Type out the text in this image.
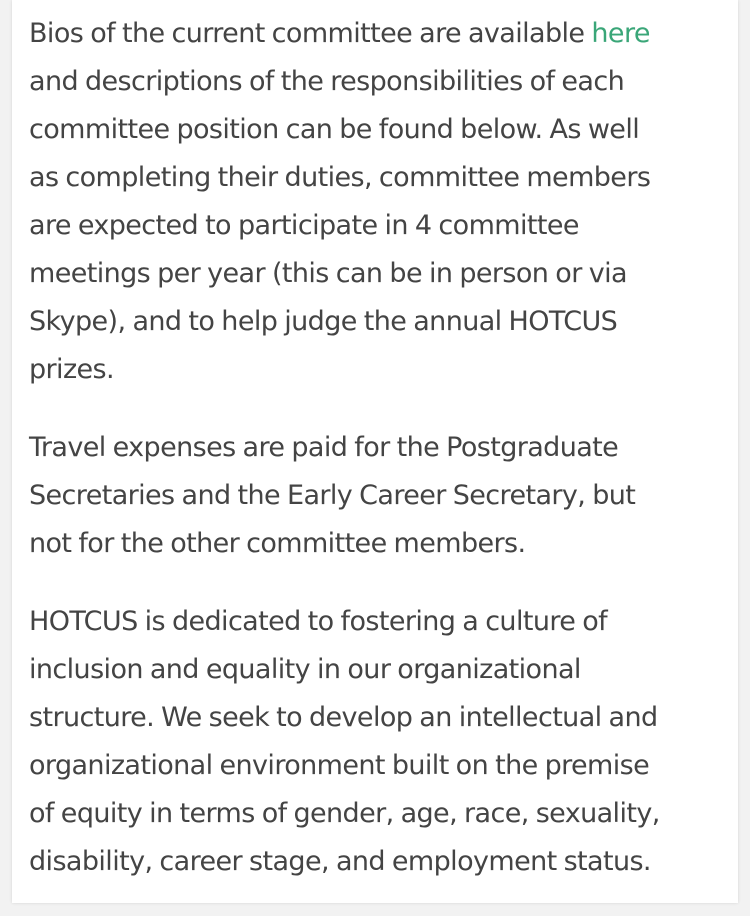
Bios of the current committee are available here
and descriptions of the responsibilities of each
committee position can be found below. As well
as completing their duties, committee members
are expected to participate in 4 committee
meetings per year (this can be in person or via
Skype), and to help judge the annual HOTCUS
prizes.

Travel expenses are paid for the Postgraduate
Secretaries and the Early Career Secretary, but
not for the other committee members.

HOTCUS is dedicated to fostering a culture of
inclusion and equality in our organizational
structure. We seek to develop an intellectual and
organizational environment built on the premise
of equity in terms of gender, age, race, sexuality,
disability, career stage, and employment status.
